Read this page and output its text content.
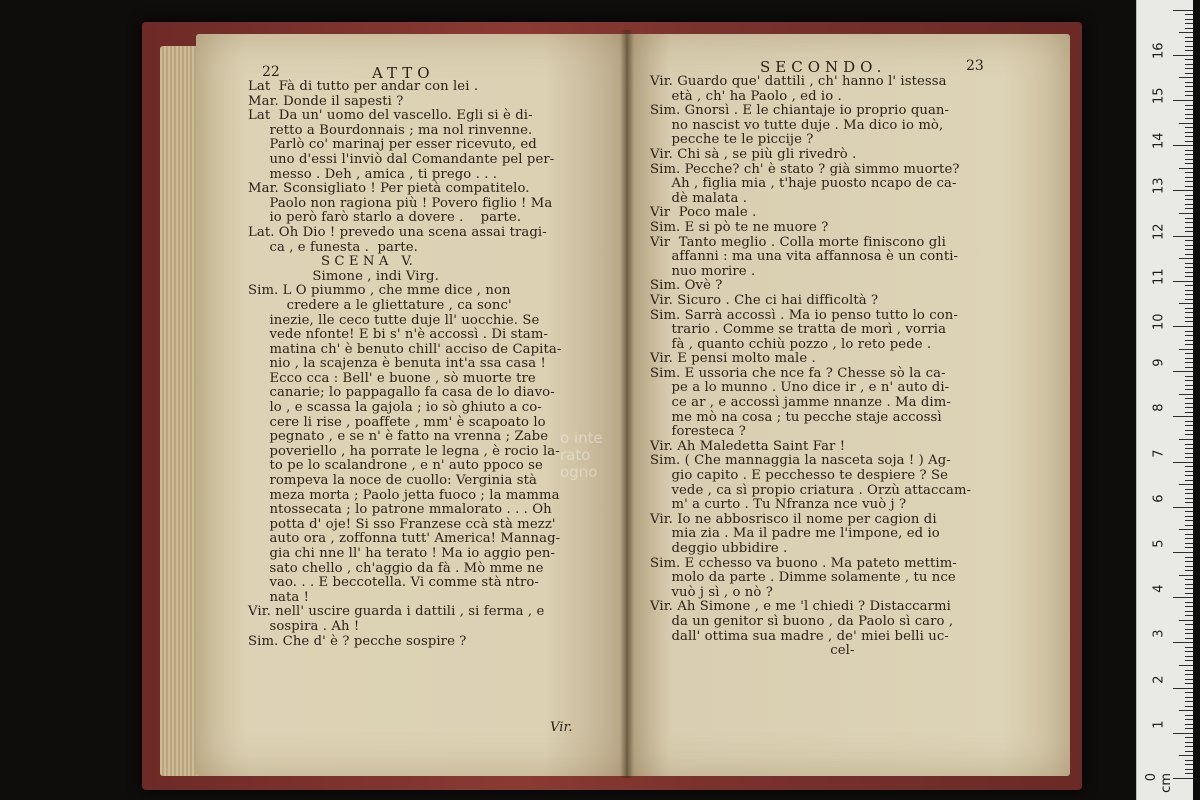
22	ATTO	SECONDO.	23
Lat  Fà di tutto per andar con lei .
Mar. Donde il sapesti ?
Lat  Da un' uomo del vascello. Egli si è di-
retto a Bourdonnais ; ma nol rinvenne.
Parlò co' marinaj per esser ricevuto, ed
uno d'essi l'inviò dal Comandante pel per-
messo . Deh , amica , ti prego . . .
Mar. Sconsigliato ! Per pietà compatitelo.
Paolo non ragiona più ! Povero figlio ! Ma
io però farò starlo a dovere .    parte.
Lat. Oh Dio ! prevedo una scena assai tragi-
ca , e funesta .  parte.
S C E N A   V.
Simone , indi Virg.
Sim. L O piummo , che mme dice , non
credere a le gliettature , ca sonc'
inezie, lle ceco tutte duje ll' uocchie. Se
vede nfonte! E bi s' n'è accossì . Di stam-
matina ch' è benuto chill' acciso de Capita-
nio , la scajenza è benuta int'a ssa casa !
Ecco cca : Bell' e buone , sò muorte tre
canarie; lo pappagallo fa casa de lo diavo-
lo , e scassa la gajola ; io sò ghiuto a co-
cere li rise , poaffete , mm' è scapoato lo
pegnato , e se n' è fatto na vrenna ; Zabe
poveriello , ha porrate le legna , è rocio la-
to pe lo scalandrone , e n' auto ppoco se
rompeva la noce de cuollo: Verginia stà
meza morta ; Paolo jetta fuoco ; la mamma
ntossecata ; lo patrone mmalorato . . . Oh
potta d' oje! Si sso Franzese ccà stà mezz'
auto ora , zoffonna tutt' America! Mannag-
gia chi nne ll' ha terato ! Ma io aggio pen-
sato chello , ch'aggio da fà . Mò mme ne
vao. . . E beccotella. Vi comme stà ntro-
nata !
Vir. nell' uscire guarda i dattili , si ferma , e
sospira . Ah !
Sim. Che d' è ? pecche sospire ?
Vir.
Vir. Guardo que' dattili , ch' hanno l' istessa
età , ch' ha Paolo , ed io .
Sim. Gnorsì . E le chiantaje io proprio quan-
no nascist vo tutte duje . Ma dico io mò,
pecche te le piccije ?
Vir. Chi sà , se più gli rivedrò .
Sim. Pecche? ch' è stato ? già simmo muorte?
Ah , figlia mia , t'haje puosto ncapo de ca-
dè malata .
Vir  Poco male .
Sim. E si pò te ne muore ?
Vir  Tanto meglio . Colla morte finiscono gli
affanni : ma una vita affannosa è un conti-
nuo morire .
Sim. Ovè ?
Vir. Sicuro . Che ci hai difficoltà ?
Sim. Sarrà accossì . Ma io penso tutto lo con-
trario . Comme se tratta de morì , vorria
fà , quanto cchiù pozzo , lo reto pede .
Vir. E pensi molto male .
Sim. E ussoria che nce fa ? Chesse sò la ca-
pe a lo munno . Uno dice ir , e n' auto di-
ce ar , e accossì jamme nnanze . Ma dim-
me mò na cosa ; tu pecche staje accossì
foresteca ?
Vir. Ah Maledetta Saint Far !
Sim. ( Che mannaggia la nasceta soja ! ) Ag-
gio capito . E pecchesso te despiere ? Se
vede , ca sì propio criatura . Orzù attaccam-
m' a curto . Tu Nfranza nce vuò j ?
Vir. Io ne abbosrisco il nome per cagion di
mia zia . Ma il padre me l'impone, ed io
deggio ubbidire .
Sim. E cchesso va buono . Ma pateto mettim-
molo da parte . Dimme solamente , tu nce
vuò j sì , o nò ?
Vir. Ah Simone , e me 'l chiedi ? Distaccarmi
da un genitor sì buono , da Paolo sì caro ,
dall' ottima sua madre , de' miei belli uc-
cel-
o inte
rato
ogno
0 cm
1
2
3
4
5
6
7
8
9
10
11
12
13
14
15
16
